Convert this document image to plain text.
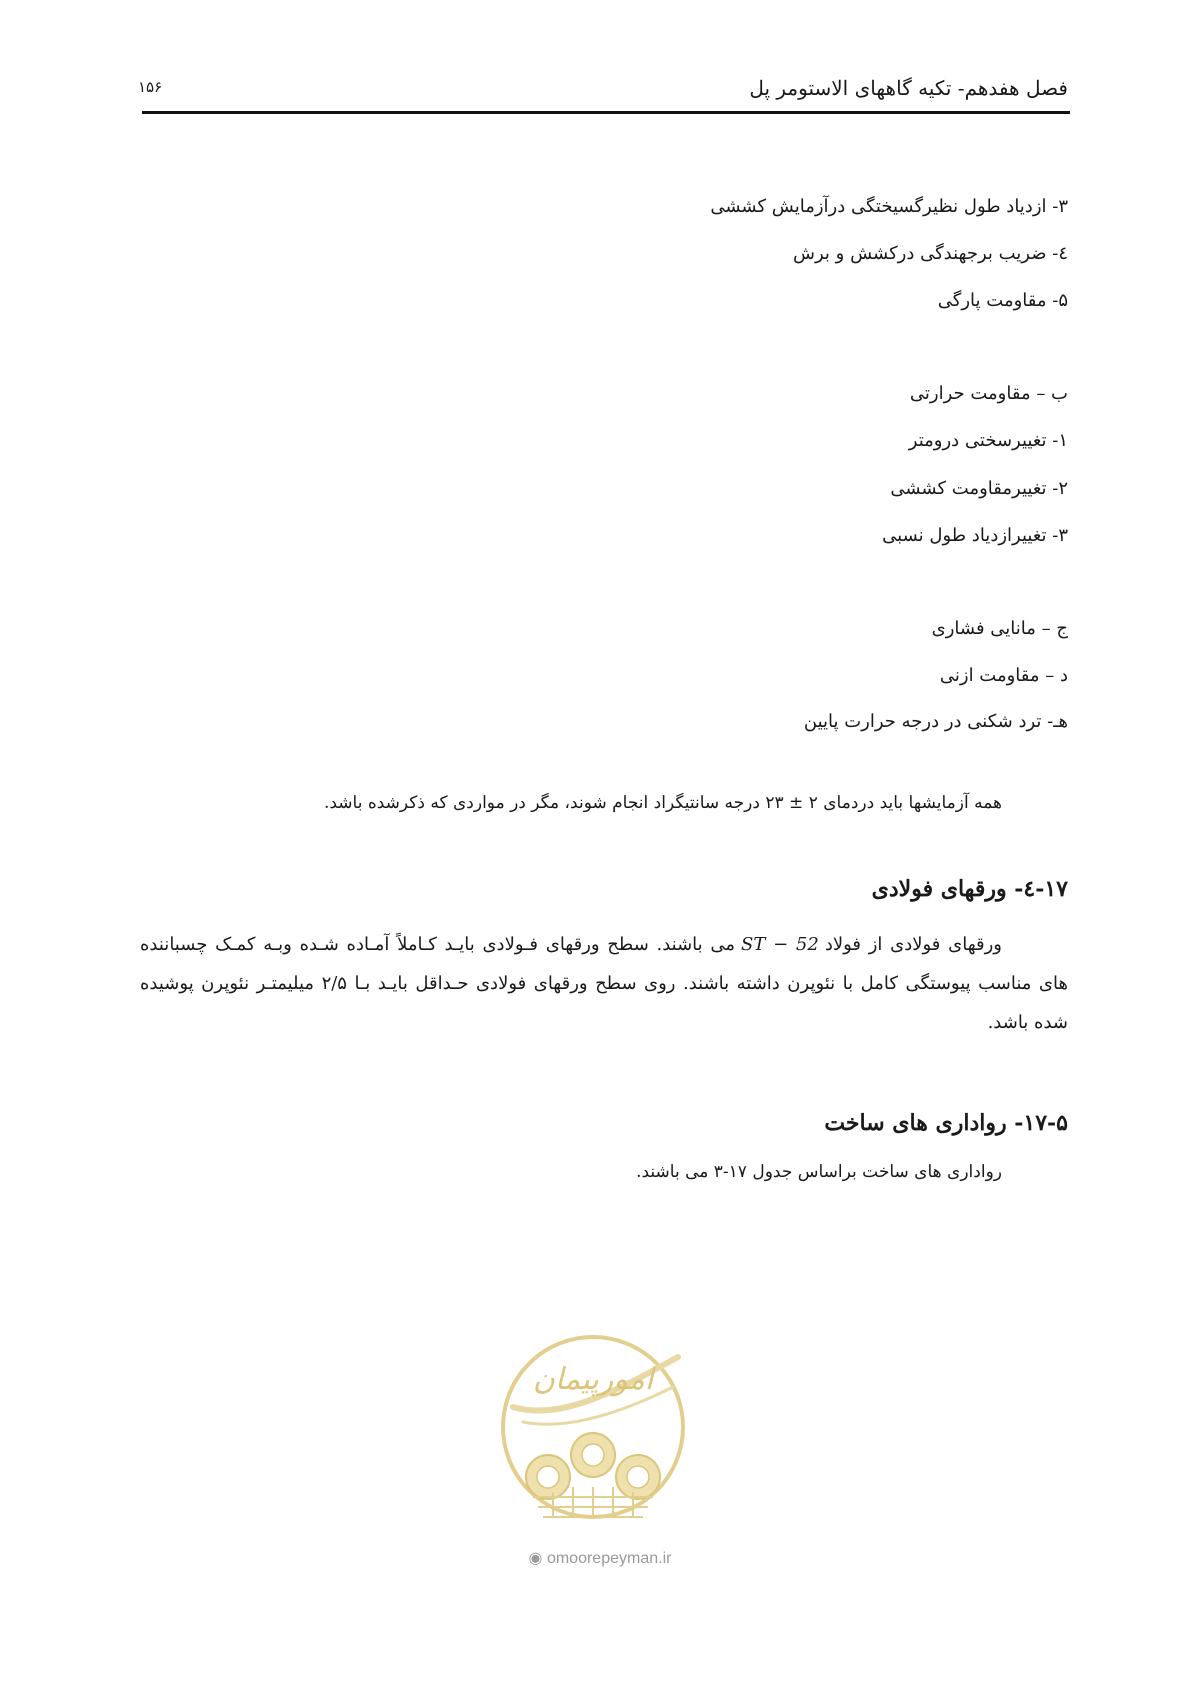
فصل هفدهم- تکیه گاههای الاستومر پل
۱۵۶
۳- ازدیاد طول نظیرگسیختگی درآزمایش کششی
٤- ضریب برجهندگی درکشش و برش
۵- مقاومت پارگی
ب – مقاومت حرارتی
۱- تغییرسختی درومتر
۲- تغییرمقاومت کششی
۳- تغییرازدیاد طول نسبی
ج – مانایی فشاری
د – مقاومت ازنی
هـ- ترد شکنی در درجه حرارت پایین
همه آزمایشها باید دردمای ۲ ± ۲۳ درجه سانتیگراد انجام شوند، مگر در مواردی که ذکرشده باشد.
۱۷-٤- ورقهای فولادی
ورقهای فولادی از فولادST − 52می باشند. سطح ورقهای فـولادی بایـد کـاملاً آمـاده شـده وبـه کمـک چسباننده های مناسب پیوستگی کامل با نئوپرن داشته باشند. روی سطح ورقهای فولادی حـداقل بایـد بـا ۲/۵ میلیمتـر نئوپرن پوشیده شده باشد.
۱۷-۵- رواداری های ساخت
رواداری های ساخت براساس جدول ۱۷-۳ می باشند.
امورپیمان
◉ omoorepeyman.ir
